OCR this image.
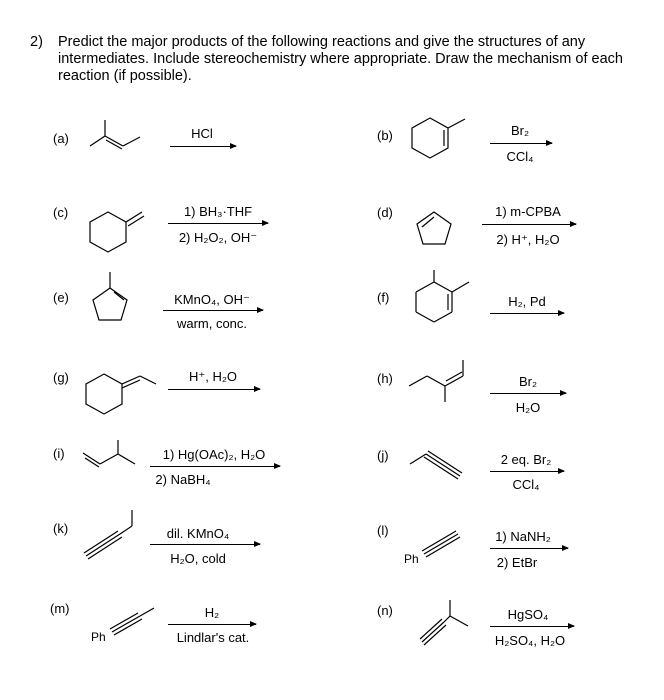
2) Predict the major products of the following reactions and give the structures of any
intermediates. Include stereochemistry where appropriate. Draw the mechanism of each
reaction (if possible).
(a)	HCl	(b)	Br₂
CCl₄
(c)	1) BH₃·THF
2) H₂O₂, OH⁻
(d)	1) m-CPBA
2) H⁺, H₂O
(e)	KMnO₄, OH⁻
warm, conc.
(f)	H₂, Pd
(g)	H⁺, H₂O	(h)	Br₂
H₂O
(i)	1) Hg(OAc)₂, H₂O
2) NaBH₄
(j)	2 eq. Br₂
CCl₄
(k)	dil. KMnO₄
H₂O, cold
(l)
Ph
1) NaNH₂
2) EtBr
(m)
Ph
H₂
Lindlar's cat.
(n)	HgSO₄
H₂SO₄, H₂O
